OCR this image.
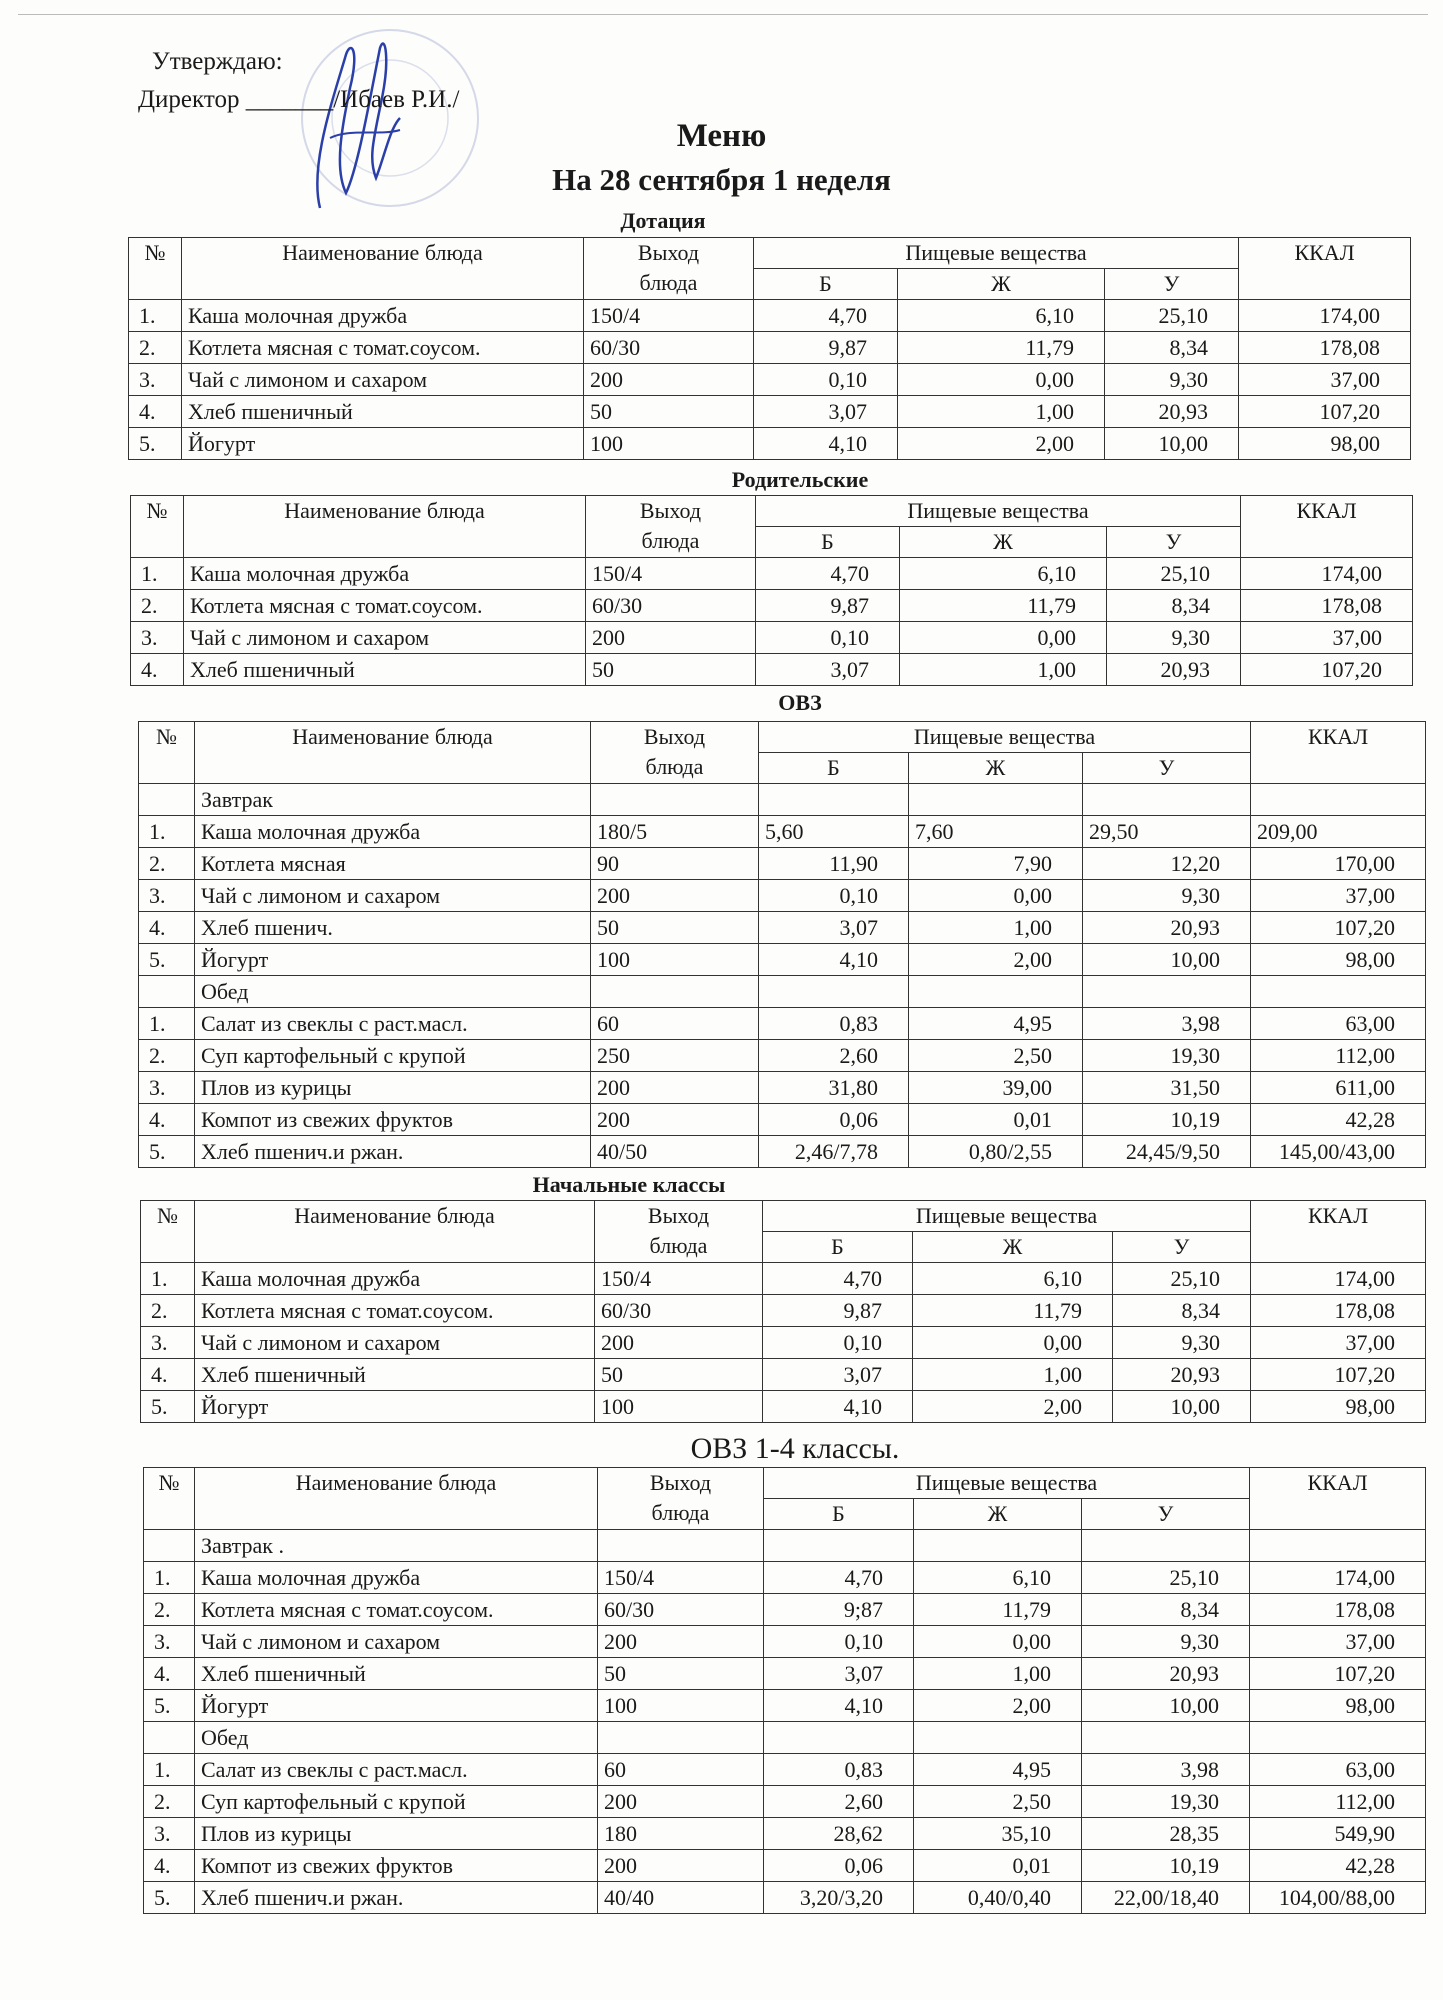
Утверждаю:
Директор _______/Ибаев Р.И./
Меню
На 28 сентября 1 неделя
Дотация
№	Наименование блюда	Выход
блюда	Пищевые вещества			ККАЛ
			Б	Ж	У	
1.	Каша молочная дружба	150/4	4,70	6,10	25,10	174,00
2.	Котлета мясная с томат.соусом.	60/30	9,87	11,79	8,34	178,08
3.	Чай с лимоном и сахаром	200	0,10	0,00	9,30	37,00
4.	Хлеб пшеничный	50	3,07	1,00	20,93	107,20
5.	Йогурт	100	4,10	2,00	10,00	98,00
Родительские
№	Наименование блюда	Выход
блюда	Пищевые вещества			ККАЛ
			Б	Ж	У	
1.	Каша молочная дружба	150/4	4,70	6,10	25,10	174,00
2.	Котлета мясная с томат.соусом.	60/30	9,87	11,79	8,34	178,08
3.	Чай с лимоном и сахаром	200	0,10	0,00	9,30	37,00
4.	Хлеб пшеничный	50	3,07	1,00	20,93	107,20
ОВЗ
№	Наименование блюда	Выход
блюда	Пищевые вещества			ККАЛ
			Б	Ж	У	
	Завтрак					
1.	Каша молочная дружба	180/5	5,60	7,60	29,50	209,00
2.	Котлета мясная	90	11,90	7,90	12,20	170,00
3.	Чай с лимоном и сахаром	200	0,10	0,00	9,30	37,00
4.	Хлеб пшенич.	50	3,07	1,00	20,93	107,20
5.	Йогурт	100	4,10	2,00	10,00	98,00
	Обед					
1.	Салат из свеклы с раст.масл.	60	0,83	4,95	3,98	63,00
2.	Суп картофельный с крупой	250	2,60	2,50	19,30	112,00
3.	Плов из курицы	200	31,80	39,00	31,50	611,00
4.	Компот из свежих фруктов	200	0,06	0,01	10,19	42,28
5.	Хлеб пшенич.и ржан.	40/50	2,46/7,78	0,80/2,55	24,45/9,50	145,00/43,00
Начальные классы
№	Наименование блюда	Выход
блюда	Пищевые вещества			ККАЛ
			Б	Ж	У	
1.	Каша молочная дружба	150/4	4,70	6,10	25,10	174,00
2.	Котлета мясная с томат.соусом.	60/30	9,87	11,79	8,34	178,08
3.	Чай с лимоном и сахаром	200	0,10	0,00	9,30	37,00
4.	Хлеб пшеничный	50	3,07	1,00	20,93	107,20
5.	Йогурт	100	4,10	2,00	10,00	98,00
ОВЗ 1-4 классы.
№	Наименование блюда	Выход
блюда	Пищевые вещества			ККАЛ
			Б	Ж	У	
	Завтрак .					
1.	Каша молочная дружба	150/4	4,70	6,10	25,10	174,00
2.	Котлета мясная с томат.соусом.	60/30	9;87	11,79	8,34	178,08
3.	Чай с лимоном и сахаром	200	0,10	0,00	9,30	37,00
4.	Хлеб пшеничный	50	3,07	1,00	20,93	107,20
5.	Йогурт	100	4,10	2,00	10,00	98,00
	Обед					
1.	Салат из свеклы с раст.масл.	60	0,83	4,95	3,98	63,00
2.	Суп картофельный с крупой	200	2,60	2,50	19,30	112,00
3.	Плов из курицы	180	28,62	35,10	28,35	549,90
4.	Компот из свежих фруктов	200	0,06	0,01	10,19	42,28
5.	Хлеб пшенич.и ржан.	40/40	3,20/3,20	0,40/0,40	22,00/18,40	104,00/88,00
